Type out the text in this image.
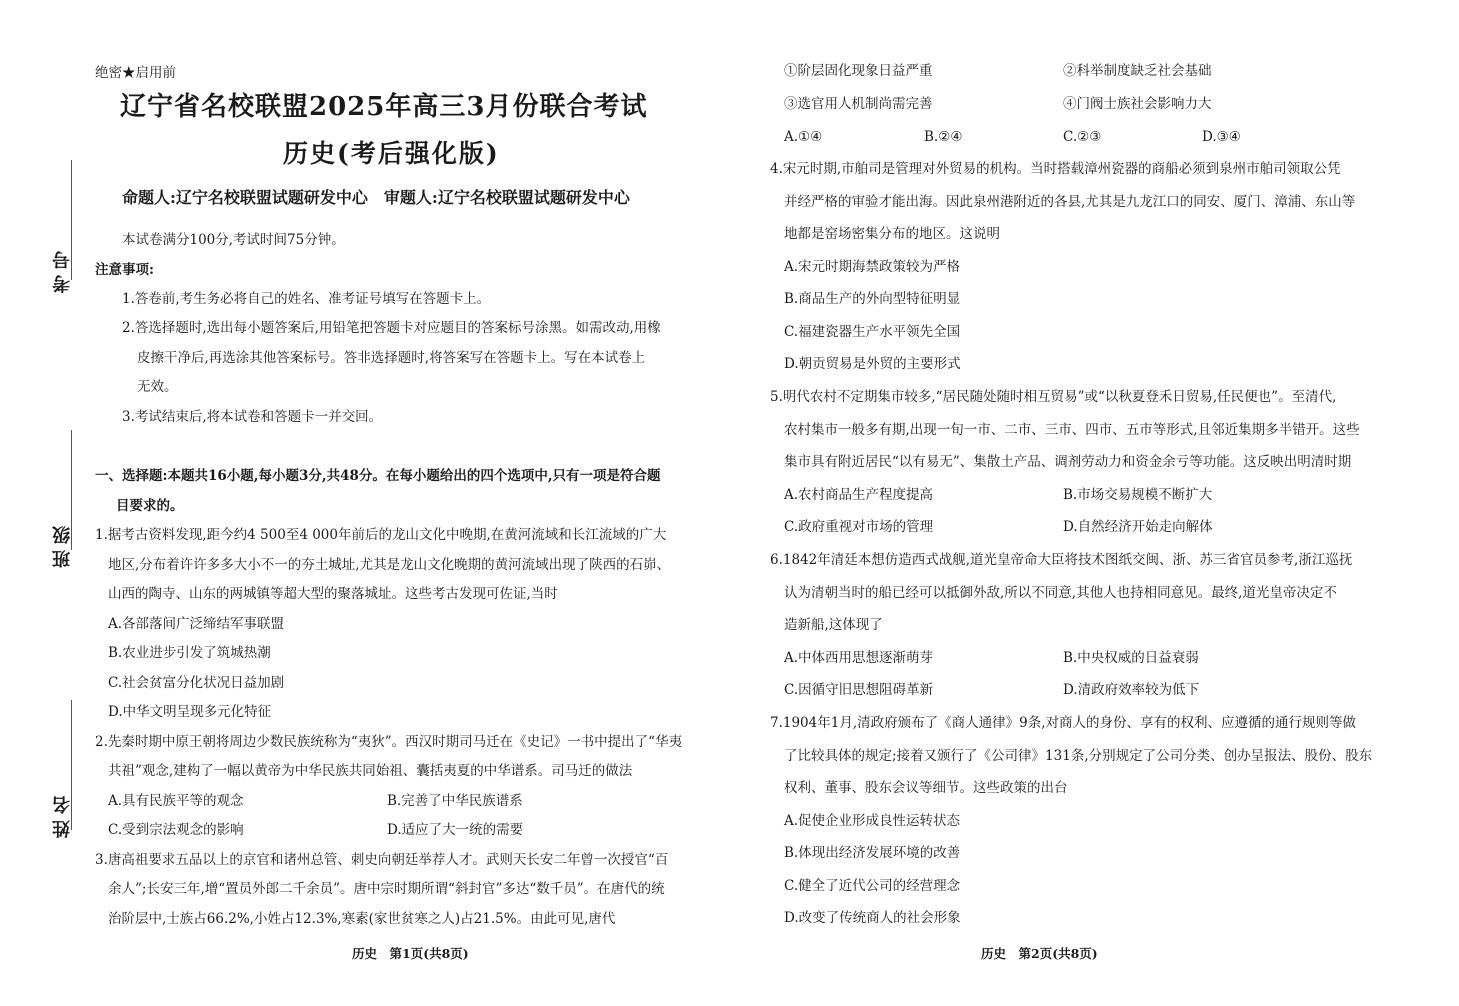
考号
班级
姓名
绝密★启用前
辽宁省名校联盟2025年高三3月份联合考试
历史(考后强化版)
命题人:辽宁名校联盟试题研发中心　审题人:辽宁名校联盟试题研发中心
本试卷满分100分,考试时间75分钟。
注意事项:
1.答卷前,考生务必将自己的姓名、准考证号填写在答题卡上。
2.答选择题时,选出每小题答案后,用铅笔把答题卡对应题目的答案标号涂黑。如需改动,用橡
皮擦干净后,再选涂其他答案标号。答非选择题时,将答案写在答题卡上。写在本试卷上
无效。
3.考试结束后,将本试卷和答题卡一并交回。
一、选择题:本题共16小题,每小题3分,共48分。在每小题给出的四个选项中,只有一项是符合题
目要求的。
1.据考古资料发现,距今约4 500至4 000年前后的龙山文化中晚期,在黄河流域和长江流域的广大
地区,分布着许许多多大小不一的夯土城址,尤其是龙山文化晚期的黄河流域出现了陕西的石峁、
山西的陶寺、山东的两城镇等超大型的聚落城址。这些考古发现可佐证,当时
A.各部落间广泛缔结军事联盟
B.农业进步引发了筑城热潮
C.社会贫富分化状况日益加剧
D.中华文明呈现多元化特征
2.先秦时期中原王朝将周边少数民族统称为“夷狄”。西汉时期司马迁在《史记》一书中提出了“华夷
共祖”观念,建构了一幅以黄帝为中华民族共同始祖、囊括夷夏的中华谱系。司马迁的做法
A.具有民族平等的观念	B.完善了中华民族谱系
C.受到宗法观念的影响	D.适应了大一统的需要
3.唐高祖要求五品以上的京官和诸州总管、刺史向朝廷举荐人才。武则天长安二年曾一次授官“百
余人”;长安三年,增“置员外郎二千余员”。唐中宗时期所谓“斜封官”多达“数千员”。在唐代的统
治阶层中,士族占66.2%,小姓占12.3%,寒素(家世贫寒之人)占21.5%。由此可见,唐代
历史　第1页(共8页)
①阶层固化现象日益严重	②科举制度缺乏社会基础
③选官用人机制尚需完善	④门阀士族社会影响力大
A.①④	B.②④	C.②③	D.③④
4.宋元时期,市舶司是管理对外贸易的机构。当时搭载漳州瓷器的商船必须到泉州市舶司领取公凭
并经严格的审验才能出海。因此泉州港附近的各县,尤其是九龙江口的同安、厦门、漳浦、东山等
地都是窑场密集分布的地区。这说明
A.宋元时期海禁政策较为严格
B.商品生产的外向型特征明显
C.福建瓷器生产水平领先全国
D.朝贡贸易是外贸的主要形式
5.明代农村不定期集市较多,“居民随处随时相互贸易”或“以秋夏登禾日贸易,任民便也”。至清代,
农村集市一般多有期,出现一旬一市、二市、三市、四市、五市等形式,且邻近集期多半错开。这些
集市具有附近居民“以有易无”、集散土产品、调剂劳动力和资金余亏等功能。这反映出明清时期
A.农村商品生产程度提高	B.市场交易规模不断扩大
C.政府重视对市场的管理	D.自然经济开始走向解体
6.1842年清廷本想仿造西式战舰,道光皇帝命大臣将技术图纸交闽、浙、苏三省官员参考,浙江巡抚
认为清朝当时的船已经可以抵御外敌,所以不同意,其他人也持相同意见。最终,道光皇帝决定不
造新船,这体现了
A.中体西用思想逐渐萌芽	B.中央权威的日益衰弱
C.因循守旧思想阻碍革新	D.清政府效率较为低下
7.1904年1月,清政府颁布了《商人通律》9条,对商人的身份、享有的权利、应遵循的通行规则等做
了比较具体的规定;接着又颁行了《公司律》131条,分别规定了公司分类、创办呈报法、股份、股东
权利、董事、股东会议等细节。这些政策的出台
A.促使企业形成良性运转状态
B.体现出经济发展环境的改善
C.健全了近代公司的经营理念
D.改变了传统商人的社会形象
历史　第2页(共8页)
